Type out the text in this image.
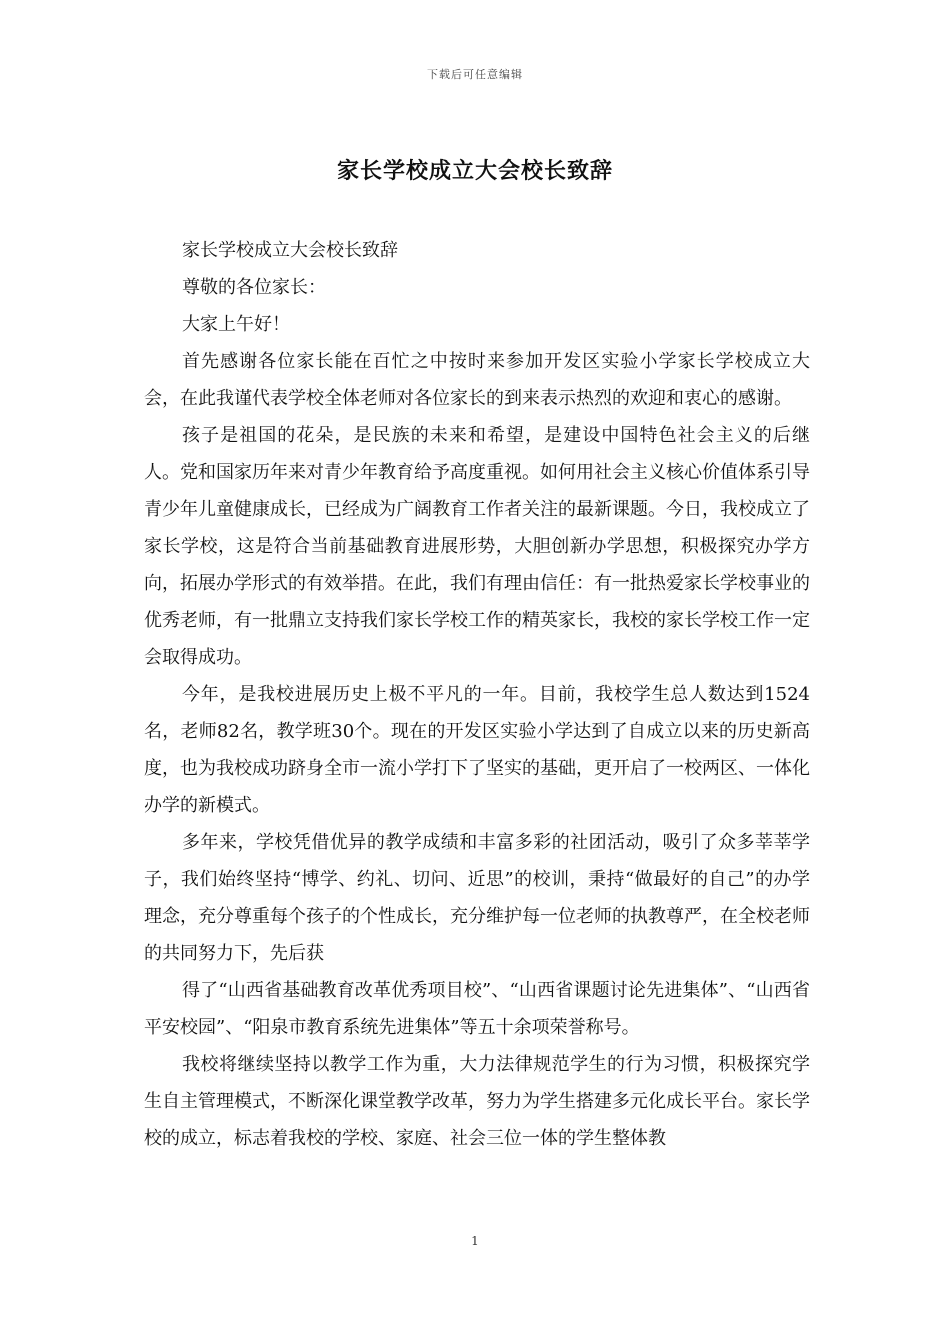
下载后可任意编辑
家长学校成立大会校长致辞

家长学校成立大会校长致辞

尊敬的各位家长：

大家上午好！

首先感谢各位家长能在百忙之中按时来参加开发区实验小学家长学校成立大会，在此我谨代表学校全体老师对各位家长的到来表示热烈的欢迎和衷心的感谢。

孩子是祖国的花朵，是民族的未来和希望，是建设中国特色社会主义的后继人。党和国家历年来对青少年教育给予高度重视。如何用社会主义核心价值体系引导青少年儿童健康成长，已经成为广阔教育工作者关注的最新课题。今日，我校成立了家长学校，这是符合当前基础教育进展形势，大胆创新办学思想，积极探究办学方向，拓展办学形式的有效举措。在此，我们有理由信任：有一批热爱家长学校事业的优秀老师，有一批鼎立支持我们家长学校工作的精英家长，我校的家长学校工作一定会取得成功。

今年，是我校进展历史上极不平凡的一年。目前，我校学生总人数达到1524名，老师82名，教学班30个。现在的开发区实验小学达到了自成立以来的历史新高度，也为我校成功跻身全市一流小学打下了坚实的基础，更开启了一校两区、一体化办学的新模式。

多年来，学校凭借优异的教学成绩和丰富多彩的社团活动，吸引了众多莘莘学子，我们始终坚持“博学、约礼、切问、近思”的校训，秉持“做最好的自己”的办学理念，充分尊重每个孩子的个性成长，充分维护每一位老师的执教尊严，在全校老师的共同努力下，先后获

得了“山西省基础教育改革优秀项目校”、“山西省课题讨论先进集体”、“山西省平安校园”、“阳泉市教育系统先进集体”等五十余项荣誉称号。

我校将继续坚持以教学工作为重，大力法律规范学生的行为习惯，积极探究学生自主管理模式，不断深化课堂教学改革，努力为学生搭建多元化成长平台。家长学校的成立，标志着我校的学校、家庭、社会三位一体的学生整体教

1
